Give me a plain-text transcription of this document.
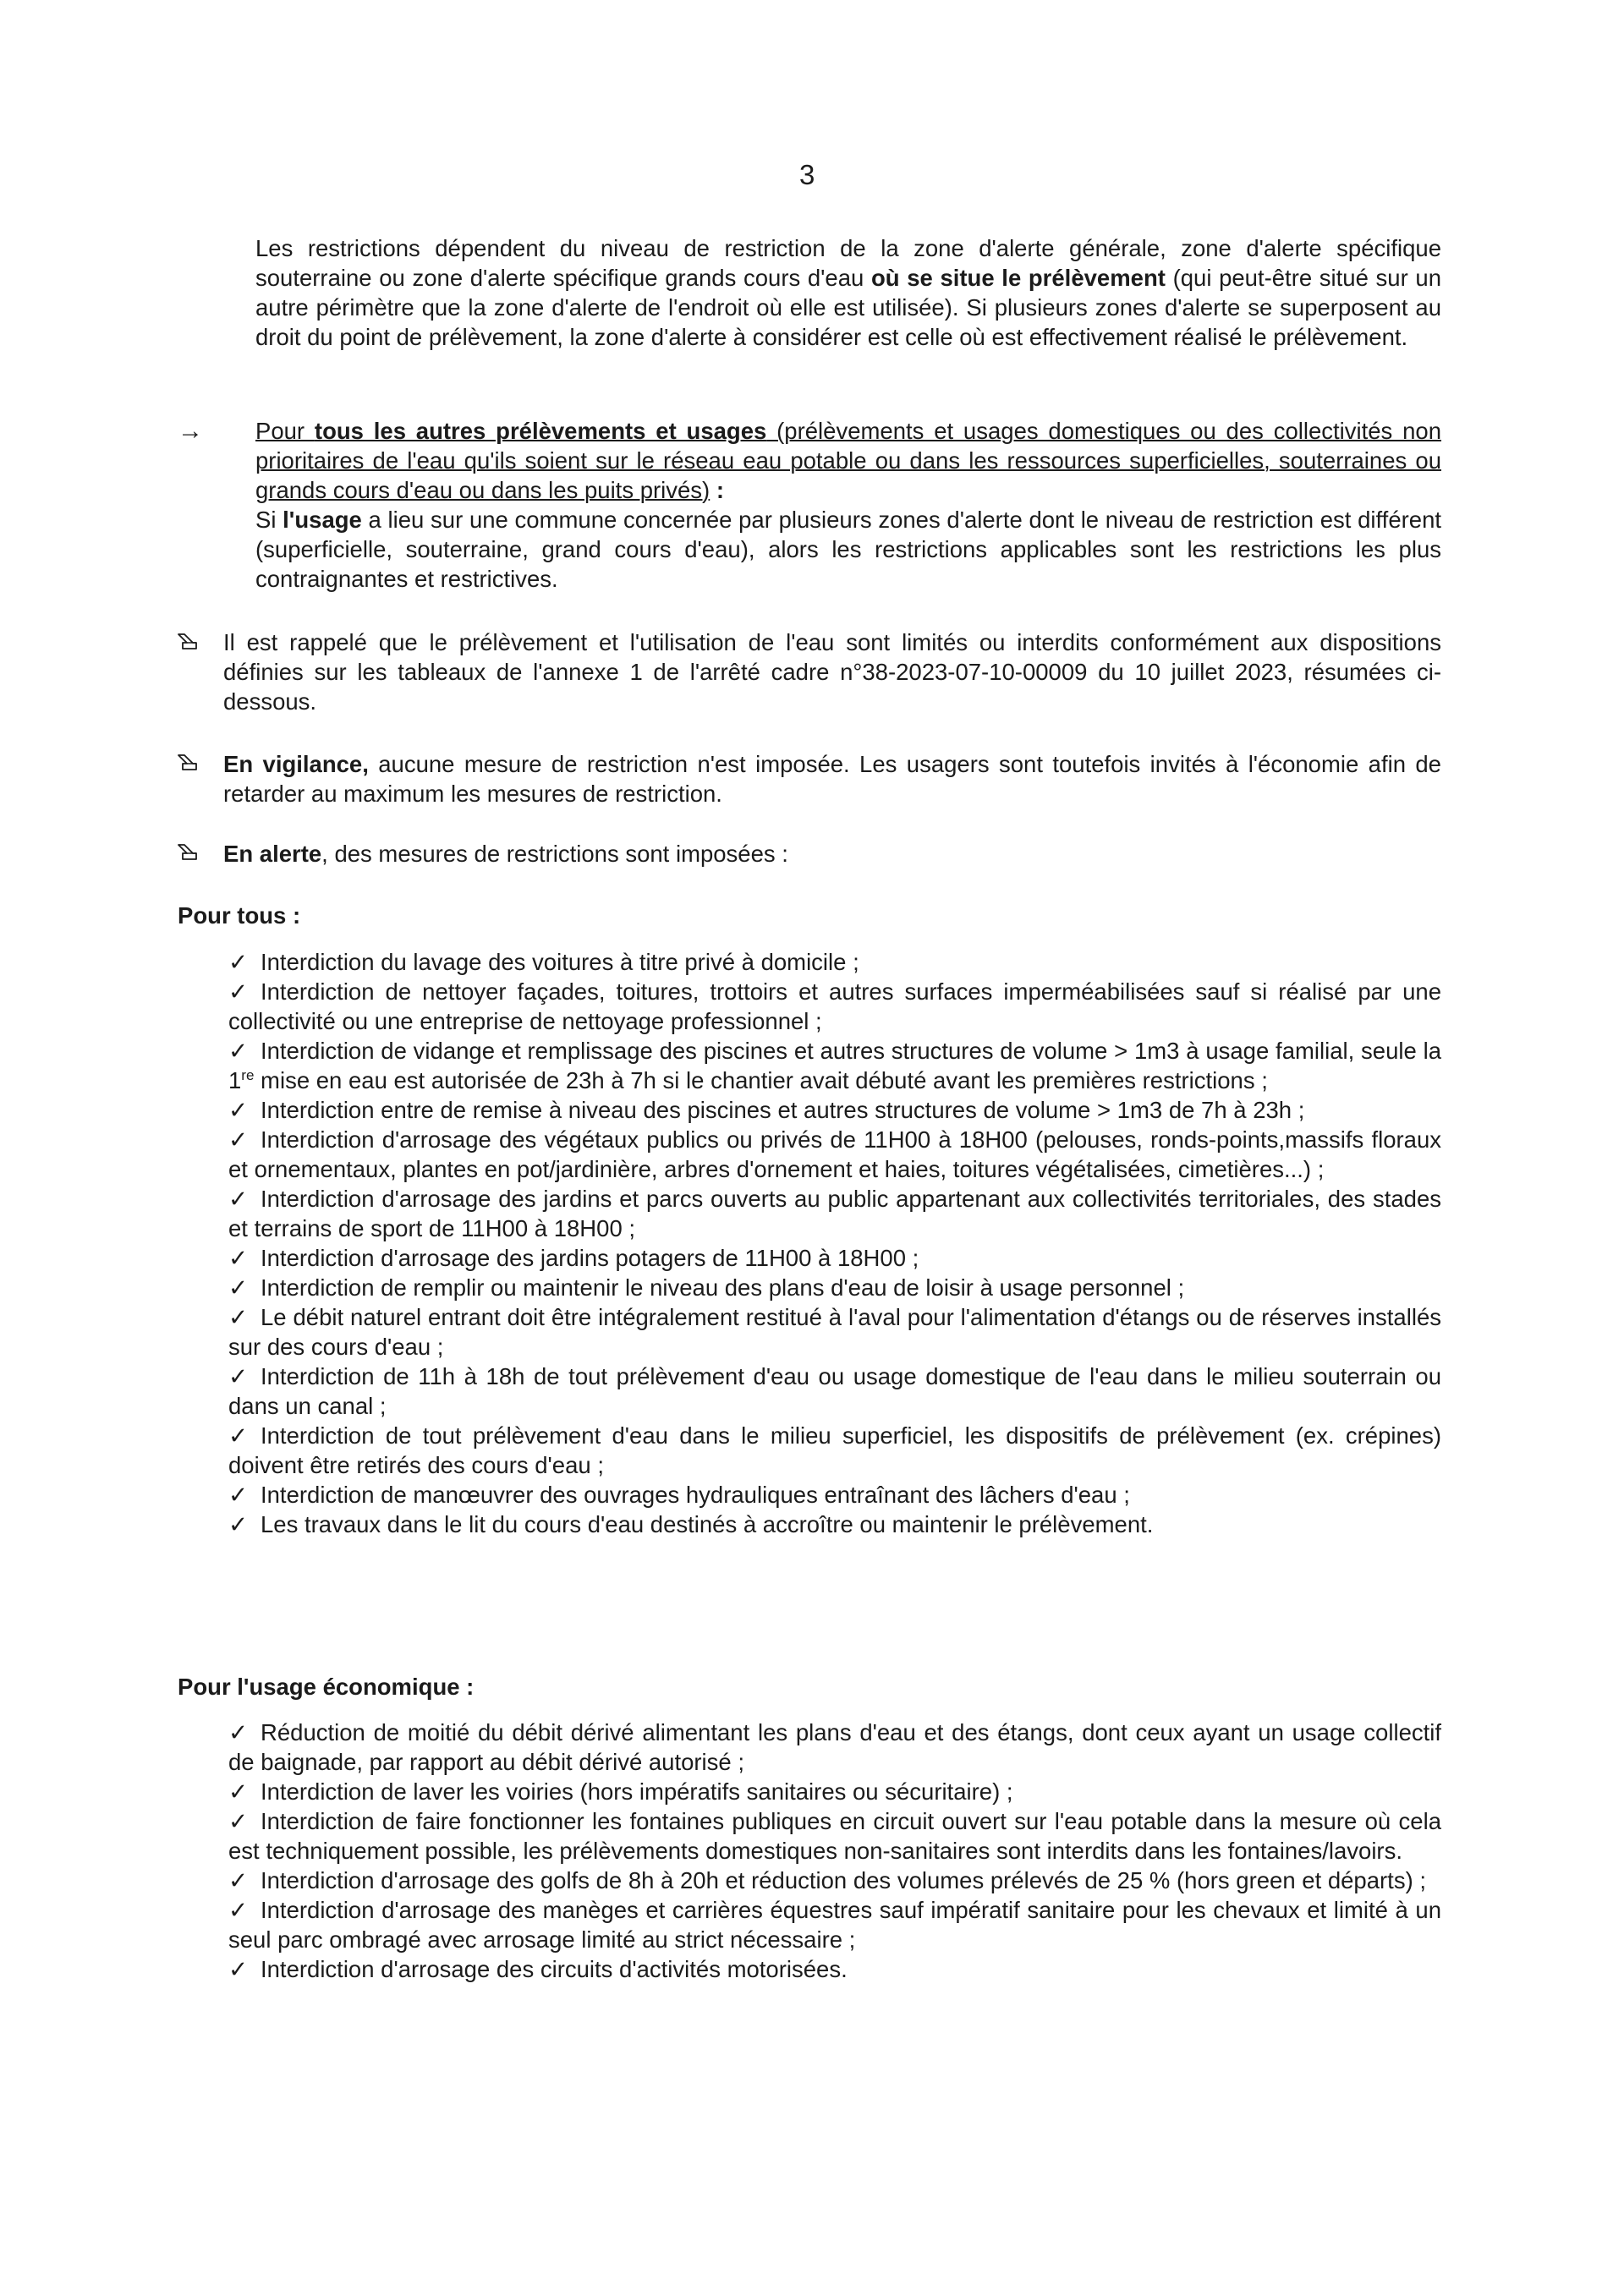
3
Les restrictions dépendent du niveau de restriction de la zone d'alerte générale, zone d'alerte spécifique souterraine ou zone d'alerte spécifique grands cours d'eau où se situe le prélèvement (qui peut-être situé sur un autre périmètre que la zone d'alerte de l'endroit où elle est utilisée). Si plusieurs zones d'alerte se superposent au droit du point de prélèvement, la zone d'alerte à considérer est celle où est effectivement réalisé le prélèvement.
→ Pour tous les autres prélèvements et usages (prélèvements et usages domestiques ou des collectivités non prioritaires de l'eau qu'ils soient sur le réseau eau potable ou dans les ressources superficielles, souterraines ou grands cours d'eau ou dans les puits privés) :
Si l'usage a lieu sur une commune concernée par plusieurs zones d'alerte dont le niveau de restriction est différent (superficielle, souterraine, grand cours d'eau), alors les restrictions applicables sont les restrictions les plus contraignantes et restrictives.
Il est rappelé que le prélèvement et l'utilisation de l'eau sont limités ou interdits conformément aux dispositions définies sur les tableaux de l'annexe 1 de l'arrêté cadre n°38-2023-07-10-00009 du 10 juillet 2023, résumées ci-dessous.
En vigilance, aucune mesure de restriction n'est imposée. Les usagers sont toutefois invités à l'économie afin de retarder au maximum les mesures de restriction.
En alerte, des mesures de restrictions sont imposées :
Pour tous :
✓ Interdiction du lavage des voitures à titre privé à domicile ;
✓ Interdiction de nettoyer façades, toitures, trottoirs et autres surfaces imperméabilisées sauf si réalisé par une collectivité ou une entreprise de nettoyage professionnel ;
✓ Interdiction de vidange et remplissage des piscines et autres structures de volume > 1m3 à usage familial, seule la 1re mise en eau est autorisée de 23h à 7h si le chantier avait débuté avant les premières restrictions ;
✓ Interdiction entre de remise à niveau des piscines et autres structures de volume > 1m3 de 7h à 23h ;
✓ Interdiction d'arrosage des végétaux publics ou privés de 11H00 à 18H00 (pelouses, ronds-points,massifs floraux et ornementaux, plantes en pot/jardinière, arbres d'ornement et haies, toitures végétalisées, cimetières...) ;
✓ Interdiction d'arrosage des jardins et parcs ouverts au public appartenant aux collectivités territoriales, des stades et terrains de sport de 11H00 à 18H00 ;
✓ Interdiction d'arrosage des jardins potagers de 11H00 à 18H00 ;
✓ Interdiction de remplir ou maintenir le niveau des plans d'eau de loisir à usage personnel ;
✓ Le débit naturel entrant doit être intégralement restitué à l'aval pour l'alimentation d'étangs ou de réserves installés sur des cours d'eau ;
✓ Interdiction de 11h à 18h de tout prélèvement d'eau ou usage domestique de l'eau dans le milieu souterrain ou dans un canal ;
✓ Interdiction de tout prélèvement d'eau dans le milieu superficiel, les dispositifs de prélèvement (ex. crépines) doivent être retirés des cours d'eau ;
✓ Interdiction de manœuvrer des ouvrages hydrauliques entraînant des lâchers d'eau ;
✓ Les travaux dans le lit du cours d'eau destinés à accroître ou maintenir le prélèvement.
Pour l'usage économique :
✓ Réduction de moitié du débit dérivé alimentant les plans d'eau et des étangs, dont ceux ayant un usage collectif de baignade, par rapport au débit dérivé autorisé ;
✓ Interdiction de laver les voiries (hors impératifs sanitaires ou sécuritaire) ;
✓ Interdiction de faire fonctionner les fontaines publiques en circuit ouvert sur l'eau potable dans la mesure où cela est techniquement possible, les prélèvements domestiques non-sanitaires sont interdits dans les fontaines/lavoirs.
✓ Interdiction d'arrosage des golfs de 8h à 20h et réduction des volumes prélevés de 25 % (hors green et départs) ;
✓ Interdiction d'arrosage des manèges et carrières équestres sauf impératif sanitaire pour les chevaux et limité à un seul parc ombragé avec arrosage limité au strict nécessaire ;
✓ Interdiction d'arrosage des circuits d'activités motorisées.
